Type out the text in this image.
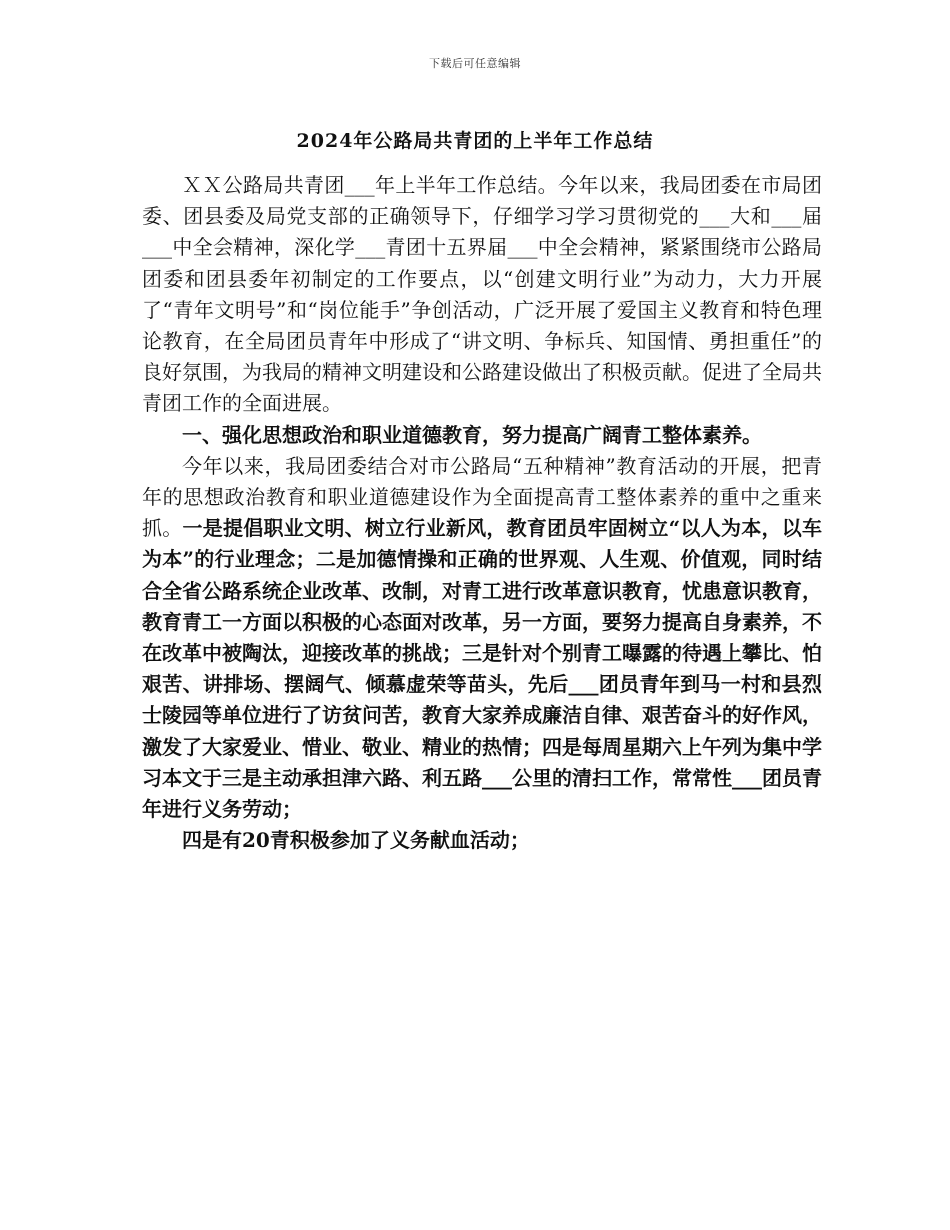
下载后可任意编辑
2024年公路局共青团的上半年工作总结

ＸＸ公路局共青团___年上半年工作总结。今年以来，我局团委在市局团委、团县委及局党支部的正确领导下，仔细学习学习贯彻党的___大和___届___中全会精神，深化学___青团十五界届___中全会精神，紧紧围绕市公路局团委和团县委年初制定的工作要点，以“创建文明行业”为动力，大力开展了“青年文明号”和“岗位能手”争创活动，广泛开展了爱国主义教育和特色理论教育，在全局团员青年中形成了“讲文明、争标兵、知国情、勇担重任”的良好氛围，为我局的精神文明建设和公路建设做出了积极贡献。促进了全局共青团工作的全面进展。

一、强化思想政治和职业道德教育，努力提高广阔青工整体素养。

今年以来，我局团委结合对市公路局“五种精神”教育活动的开展，把青年的思想政治教育和职业道德建设作为全面提高青工整体素养的重中之重来抓。一是提倡职业文明、树立行业新风，教育团员牢固树立“以人为本，以车为本”的行业理念；二是加德情操和正确的世界观、人生观、价值观，同时结合全省公路系统企业改革、改制，对青工进行改革意识教育，忧患意识教育，教育青工一方面以积极的心态面对改革，另一方面，要努力提高自身素养，不在改革中被陶汰，迎接改革的挑战；三是针对个别青工曝露的待遇上攀比、怕艰苦、讲排场、摆阔气、倾慕虚荣等苗头，先后___团员青年到马一村和县烈士陵园等单位进行了访贫问苦，教育大家养成廉洁自律、艰苦奋斗的好作风，激发了大家爱业、惜业、敬业、精业的热情；四是每周星期六上午列为集中学习本文于三是主动承担津六路、利五路___公里的清扫工作，常常性___团员青年进行义务劳动；

四是有20青积极参加了义务献血活动；
